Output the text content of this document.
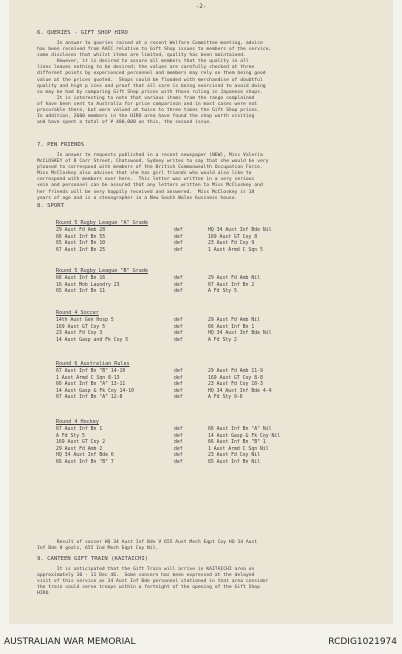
-2-
6. QUERIES - GIFT SHOP HIRO
In answer to queries raised at a recent Welfare Committee meeting, advice
has been received from AACC relative to Gift Shop issues to members of the service,
same discloses that whilst items are limited, quality has been maintained.
However, it is desired to assure all members that the quality in all
lines leaves nothing to be desired; the values are carefully checked at three
different points by experienced personnel and members may rely on them being good
value at the prices quoted.  Shops could be flooded with merchandise of doubtful
quality and high p ices and proof that all care is being exercised to avoid doing
so may be had by comparing Gift Shop prices with those ruling in Japanese shops.
It is interesting to note that various items from the range complained
of have been sent to Australia for price comparison and in most cases were not
procurable there, but were valued at twice to three times the Gift Shop prices.
In addition, 2600 members in the HIRO area have found the shop worth visiting
and have spent a total of ¥ 480,000 on this, the second issue.
7. PEN FRIENDS
In answer to requests published in a recent newspaper (NEW), Miss Valeria
McCLOSKEY of 8 Carr Street, Chatswood, Sydney writes to say that she would be very
pleased to correspond with members of the British Commonwealth Occupation Force.
Miss McCloskey also advises that she has girl friends who would also like to
correspond with members over here.  This letter was written in a very serious
vein and personnel can be assured that any letters written to Miss McCloskey and
her friends will be very happily received and answered.  Miss McCloskey is 18
years of age and is a stenographer in a New South Wales business house.
8. SPORT
Result of soccer HQ 34 Aust Inf Bde V 655 Aust Mech Eqpt Coy HQ 34 Aust
Inf Bde 8 goals, 655 Ind Mech Eqpt Coy Nil.
9. CANTEEN GIFT TRAIN (KAITAICHI)
It is anticipated that the Gift Train will arrive in KAITAICHI area on
approximately 10 - 11 Dec 46.  Some concern has been expressed at the delayed
visit of this service as 34 Aust Inf Bde personnel stationed in that area consider
the train could serve troops within a fortnight of the opening of the Gift Shop
HIRO.
Round 5 Rugby League "A" Grade
29 Aust Fd Amb 28	def	HQ 34 Aust Inf Bde Nil
66 Aust Inf Bn 55	def	169 Aust GT Coy 8
65 Aust Inf Bn 10	def	23 Aust Fd Coy 9
67 Aust Inf Bn 25	def	1 Aust Armd C Sqn 5
Round 5 Rugby League "B" Grade
66 Aust Inf Bn 16	def	29 Aust Fd Amb Nil
16 Aust Mob Laundry 23	def	67 Aust Inf Bn 2
65 Aust Inf Bn 11	def	A Fd Sty 5
Round 4 Soccer
14th Aust Gen Hosp 5	def	29 Aust Fd Amb Nil
169 Aust GT Coy 5	def	66 Aust Inf Bn 1
23 Aust Fd Coy 3	def	HQ 34 Aust Inf Bde Nil
14 Aust Gasp and Fk Coy 5	def	A Fd Sty 2
Round 6 Australian Rules
67 Aust Inf Bn "B" 14-10	def	29 Aust Fd Amb 11-9
1 Aust Armd C Sqn 8-13	def	169 Aust GT Coy 8-8
66 Aust Inf Bn "A" 13-11	def	23 Aust Fd Coy 10-3
14 Aust Gasp & Fk Coy 14-10	def	HQ 34 Aust Inf Bde 4-4
67 Aust Inf Bn "A" 12-8	def	A Fd Sty 9-6
Round 4 Hockey
67 Aust Inf Bn 1	def	66 Aust Inf Bn "A" Nil
A Fd Sty 5	def	14 Aust Gasp & Fk Coy Nil
169 Aust GT Coy 2	def	66 Aust Inf Bn "B" 1
29 Aust Fd Amb 2	def	1 Aust Armd C Sqn Nil
HQ 34 Aust Inf Bde 6	def	23 Aust Fd Coy Nil
66 Aust Inf Bn "B" 7	def	65 Aust Inf Bn Nil
AUSTRALIAN WAR MEMORIAL	RCDIG1021974
